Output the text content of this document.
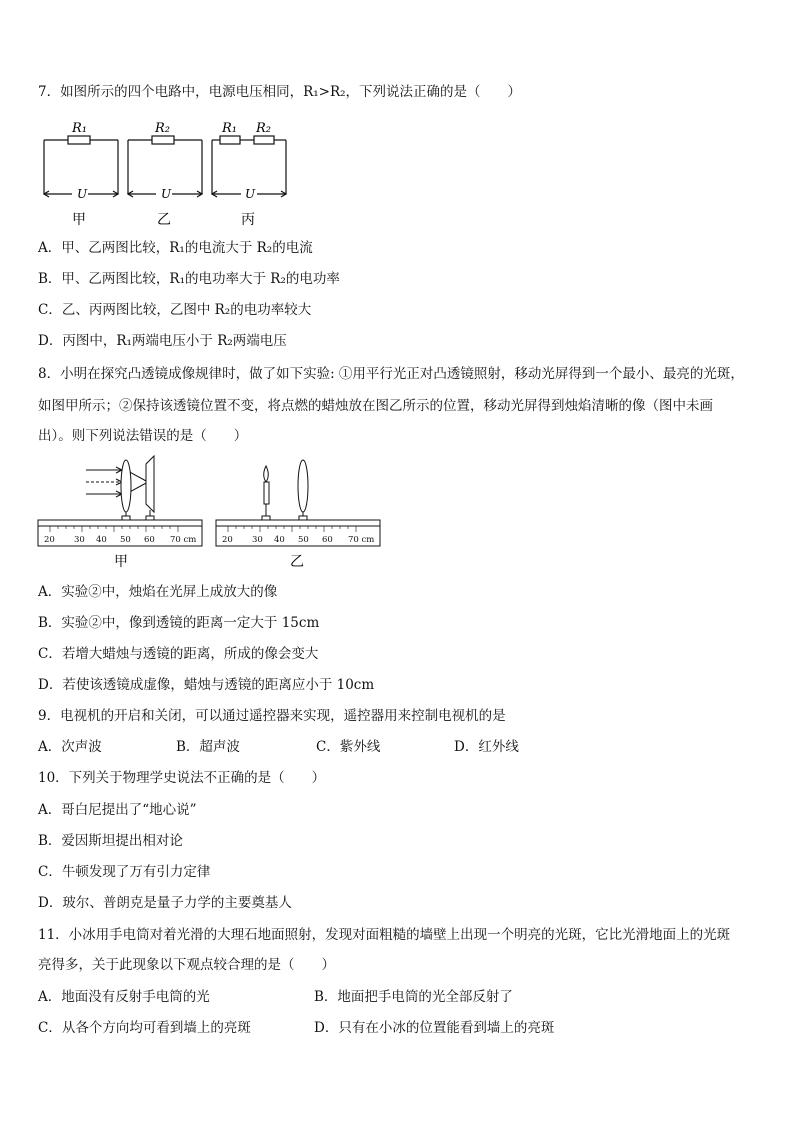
7．如图所示的四个电路中，电源电压相同，R₁>R₂，下列说法正确的是（　　）
R₁
U
甲
R₂
U
乙
R₁ R₂
U
丙
A．甲、乙两图比较，R₁的电流大于 R₂的电流
B．甲、乙两图比较，R₁的电功率大于 R₂的电功率
C．乙、丙两图比较，乙图中 R₂的电功率较大
D．丙图中，R₁两端电压小于 R₂两端电压
8．小明在探究凸透镜成像规律时，做了如下实验: ①用平行光正对凸透镜照射，移动光屏得到一个最小、最亮的光斑，
如图甲所示；②保持该透镜位置不变，将点燃的蜡烛放在图乙所示的位置，移动光屏得到烛焰清晰的像（图中未画
出）。则下列说法错误的是（　　）
20 30 40 50 60 70 cm
甲
20 30 40 50 60 70 cm
乙
A．实验②中，烛焰在光屏上成放大的像
B．实验②中，像到透镜的距离一定大于 15cm
C．若增大蜡烛与透镜的距离，所成的像会变大
D．若使该透镜成虚像，蜡烛与透镜的距离应小于 10cm
9．电视机的开启和关闭，可以通过遥控器来实现，遥控器用来控制电视机的是
A．次声波	B．超声波	C．紫外线	D．红外线
10．下列关于物理学史说法不正确的是（　　）
A．哥白尼提出了“地心说”
B．爱因斯坦提出相对论
C．牛顿发现了万有引力定律
D．玻尔、普朗克是量子力学的主要奠基人
11．小冰用手电筒对着光滑的大理石地面照射，发现对面粗糙的墙壁上出现一个明亮的光斑，它比光滑地面上的光斑
亮得多，关于此现象以下观点较合理的是（　　）
A．地面没有反射手电筒的光	B．地面把手电筒的光全部反射了
C．从各个方向均可看到墙上的亮斑	D．只有在小冰的位置能看到墙上的亮斑
